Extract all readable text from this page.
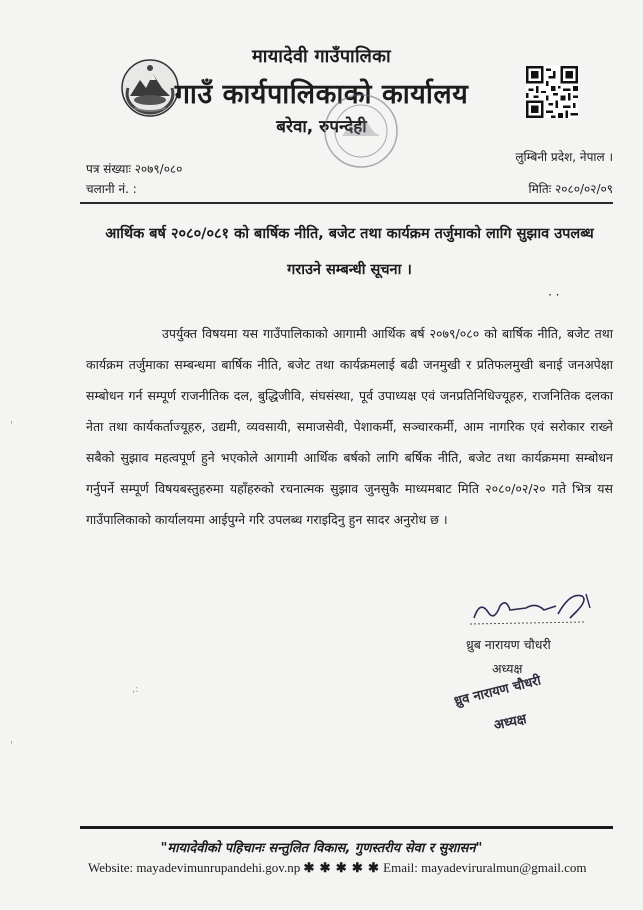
मायादेवी गाउँपालिका
गाउँ कार्यपालिकाको कार्यालय
बरेवा, रुपन्देही
लुम्बिनी प्रदेश, नेपाल ।
पत्र संख्याः २०७९/०८०
चलानी नं. :	मितिः २०८०/०२/०९
आर्थिक बर्ष २०८०/०८१ को बार्षिक नीति, बजेट तथा कार्यक्रम तर्जुमाको लागि सुझाव उपलब्ध गराउने सम्बन्धी सूचना ।
· ·
उपर्युक्त विषयमा यस गाउँपालिकाको आगामी आर्थिक बर्ष २०७९/०८० को बार्षिक नीति, बजेट तथा कार्यक्रम तर्जुमाका सम्बन्धमा बार्षिक नीति, बजेट तथा कार्यक्रमलाई बढी जनमुखी र प्रतिफलमुखी बनाई जनअपेक्षा सम्बोधन गर्न सम्पूर्ण राजनीतिक दल, बुद्धिजीवि, संघसंस्था, पूर्व उपाध्यक्ष एवं जनप्रतिनिधिज्यूहरु, राजनितिक दलका नेता तथा कार्यकर्ताज्यूहरु, उद्यमी, व्यवसायी, समाजसेवी, पेशाकर्मी, सञ्चारकर्मी, आम नागरिक एवं सरोकार राख्ने सबैको सुझाव महत्वपूर्ण हुने भएकोले आगामी आर्थिक बर्षको लागि बर्षिक नीति, बजेट तथा कार्यक्रममा सम्बोधन गर्नुपर्ने सम्पूर्ण विषयबस्तुहरुमा यहाँहरुको रचनात्मक सुझाव जुनसुकै माध्यमबाट मिति २०८०/०२/२० गते भित्र यस गाउँपालिकाको कार्यालयमा आईपुग्ने गरि उपलब्ध गराइदिनु हुन सादर अनुरोध छ ।
ध्रुब नारायण चौधरी
अध्यक्ष
ध्रुव नारायण चौधरी
अध्यक्ष
,:
'
'
"मायादेवीको पहिचानः सन्तुलित विकास, गुणस्तरीय सेवा र सुशासन"
Website: mayadevimunrupandehi.gov.np ✱ ✱ ✱ ✱ ✱ Email: mayadeviruralmun@gmail.com
